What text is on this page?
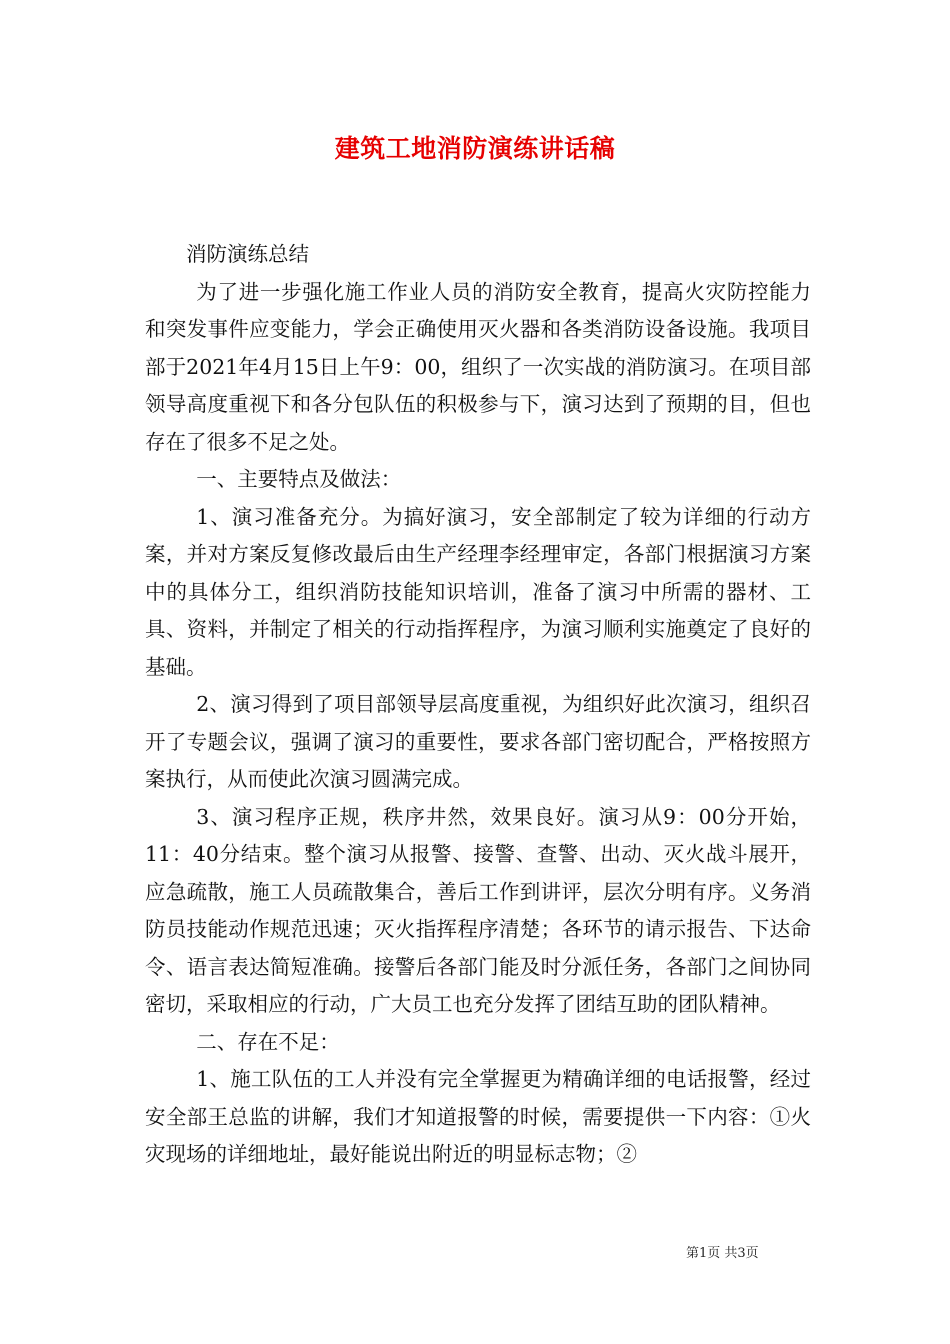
建筑工地消防演练讲话稿

消防演练总结

为了进一步强化施工作业人员的消防安全教育，提高火灾防控能力和突发事件应变能力，学会正确使用灭火器和各类消防设备设施。我项目部于2021年4月15日上午9：00，组织了一次实战的消防演习。在项目部领导高度重视下和各分包队伍的积极参与下，演习达到了预期的目，但也存在了很多不足之处。

一、主要特点及做法：

1、演习准备充分。为搞好演习，安全部制定了较为详细的行动方案，并对方案反复修改最后由生产经理李经理审定，各部门根据演习方案中的具体分工，组织消防技能知识培训，准备了演习中所需的器材、工具、资料，并制定了相关的行动指挥程序，为演习顺利实施奠定了良好的基础。

2、演习得到了项目部领导层高度重视，为组织好此次演习，组织召开了专题会议，强调了演习的重要性，要求各部门密切配合，严格按照方案执行，从而使此次演习圆满完成。

3、演习程序正规，秩序井然，效果良好。演习从9：00分开始，11：40分结束。整个演习从报警、接警、查警、出动、灭火战斗展开，应急疏散，施工人员疏散集合，善后工作到讲评，层次分明有序。义务消防员技能动作规范迅速；灭火指挥程序清楚；各环节的请示报告、下达命令、语言表达简短准确。接警后各部门能及时分派任务，各部门之间协同密切，采取相应的行动，广大员工也充分发挥了团结互助的团队精神。

二、存在不足：

1、施工队伍的工人并没有完全掌握更为精确详细的电话报警，经过安全部王总监的讲解，我们才知道报警的时候，需要提供一下内容：①火灾现场的详细地址，最好能说出附近的明显标志物；②

第1页 共3页
